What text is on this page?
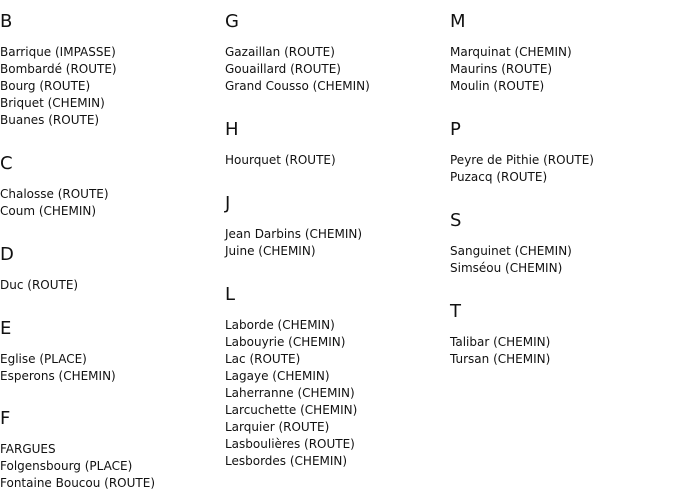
B
Barrique (IMPASSE)
Bombardé (ROUTE)
Bourg (ROUTE)
Briquet (CHEMIN)
Buanes (ROUTE)
C
Chalosse (ROUTE)
Coum (CHEMIN)
D
Duc (ROUTE)
E
Eglise (PLACE)
Esperons (CHEMIN)
F
FARGUES
Folgensbourg (PLACE)
Fontaine Boucou (ROUTE)
G
Gazaillan (ROUTE)
Gouaillard (ROUTE)
Grand Cousso (CHEMIN)
H
Hourquet (ROUTE)
J
Jean Darbins (CHEMIN)
Juine (CHEMIN)
L
Laborde (CHEMIN)
Labouyrie (CHEMIN)
Lac (ROUTE)
Lagaye (CHEMIN)
Laherranne (CHEMIN)
Larcuchette (CHEMIN)
Larquier (ROUTE)
Lasboulières (ROUTE)
Lesbordes (CHEMIN)
M
Marquinat (CHEMIN)
Maurins (ROUTE)
Moulin (ROUTE)
P
Peyre de Pithie (ROUTE)
Puzacq (ROUTE)
S
Sanguinet (CHEMIN)
Simséou (CHEMIN)
T
Talibar (CHEMIN)
Tursan (CHEMIN)
